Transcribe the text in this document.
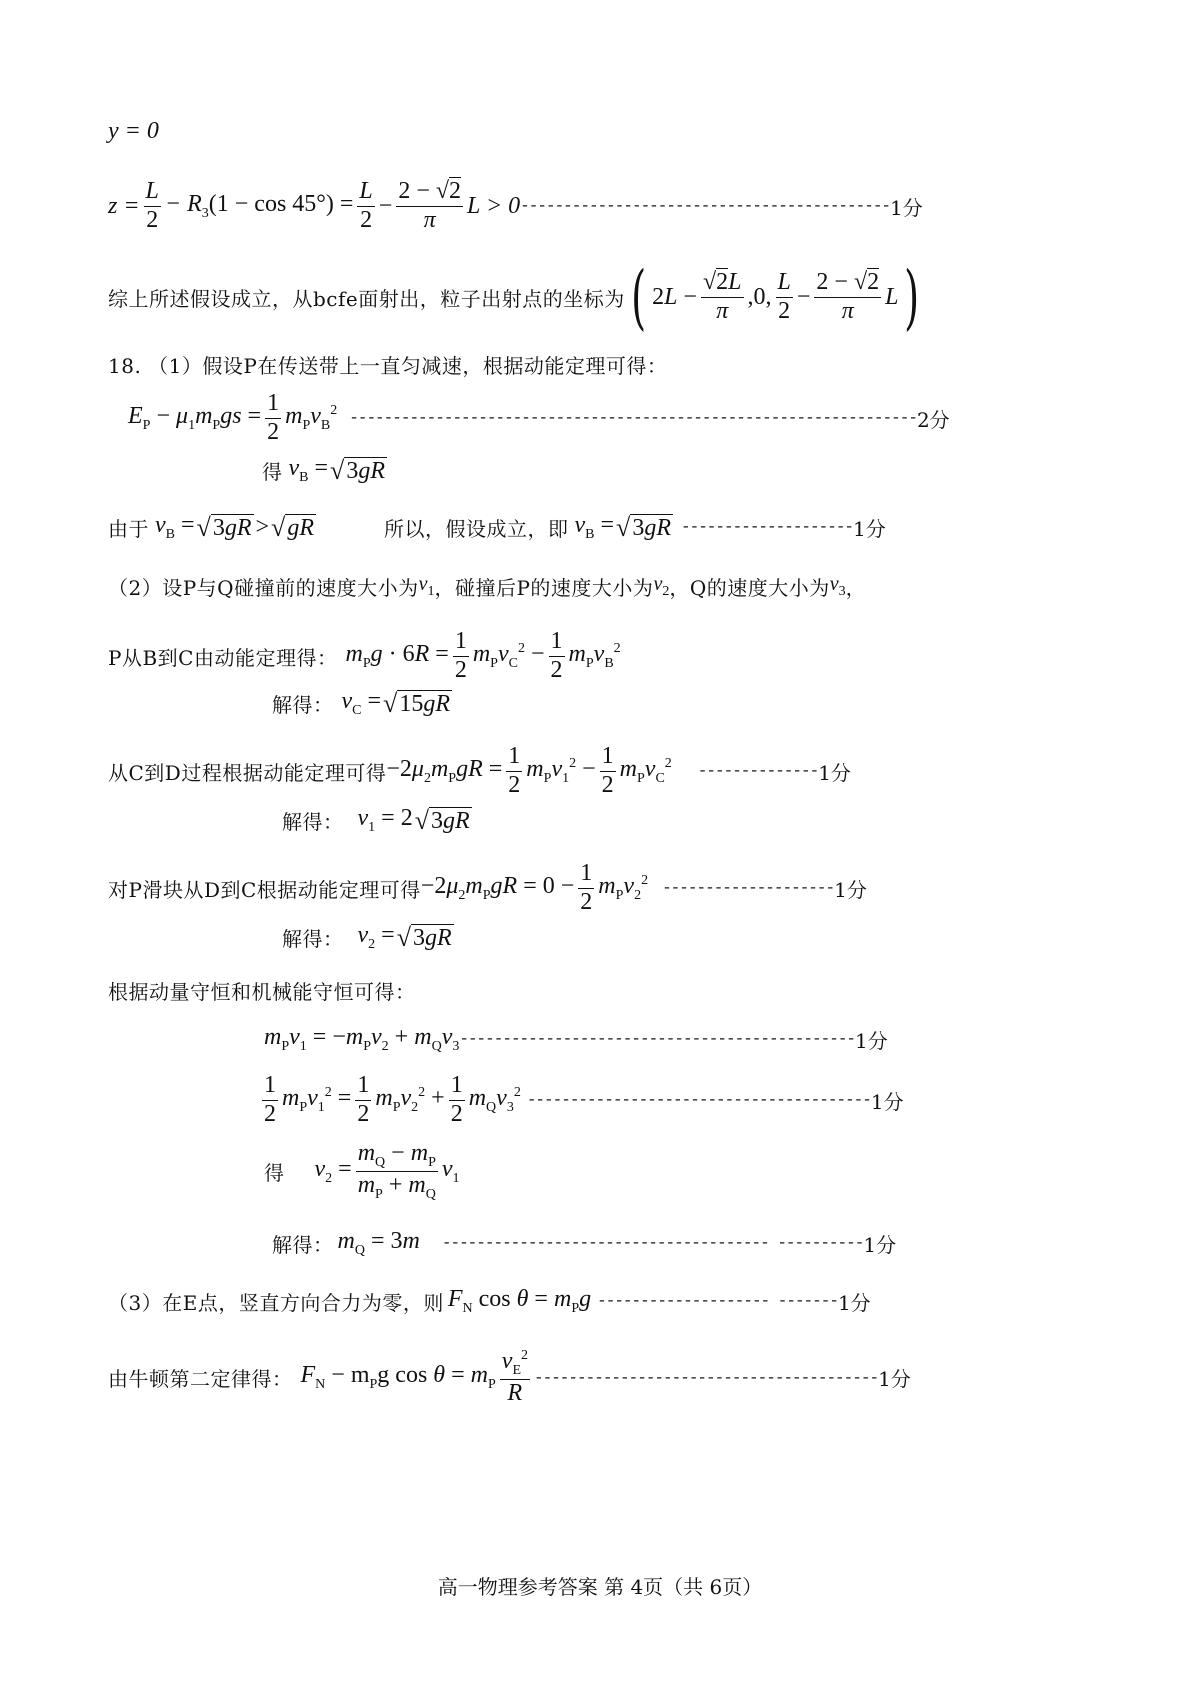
y = 0
$z = \frac{L}{2} - R_3(1 - \cos 45^\circ) = \frac{L}{2} - \frac{2 - √2}{\pi}$ L > 0 ------------------------------------------- 1分
综上所述假设成立，从bcfe面射出，粒子出射点的坐标为 ( $2L - \frac{√2L}{\pi} ,0$, $\frac{L}{2} - \frac{2 - √2}{\pi}$ L )
18. （1）假设P在传送带上一直匀减速，根据动能定理可得：
$E_P - \mu_1m_Pgs = \frac{1}{2} m_Pv_B^2$ ------------------------------------------------------------------ 2分
得 $v_B$ = √ 3gR
由于 $v_B$ = √ 3gR > √ gR	所以，假设成立，即 $v_B$ = √ 3gR -------------------- 1分
（2）设P与Q碰撞前的速度大小为 $v_1$ ，碰撞后P的速度大小为 $v_2$ ，Q的速度大小为 $v_3$ ，
P从B到C由动能定理得： $m_Pg \cdot 6R = \frac{1}{2} m_Pv_C^2 - \frac{1}{2} m_Pv_B^2$
解得： $v_C$ = √ 15gR
从C到D过程根据动能定理可得 $-2\mu_2m_PgR = \frac{1}{2} m_Pv_1^2 - \frac{1}{2} m_Pv_C^2$ -------------- 1分
解得： $v_1 = 2$ √ 3gR
对P滑块从D到C根据动能定理可得 $-2\mu_2m_PgR = 0 - \frac{1}{2} m_Pv_2^2$ -------------------- 1分
解得： $v_2$ = √ 3gR
根据动量守恒和机械能守恒可得：
$m_Pv_1 = -m_Pv_2 + m_Qv_3$ ---------------------------------------------- 1分
$\frac{1}{2} m_Pv_1^2 = \frac{1}{2} m_Pv_2^2 + \frac{1}{2} m_Qv_3^2$ ---------------------------------------- 1分
得 $v_2 = \frac{m_Q - m_P}{m_P + m_Q} v_1$
解得： $m_Q = 3m$ -------------------------------------- ---------- 1分
（3）在E点，竖直方向合力为零，则 $F_N$ $\cos \theta = m_Pg$ -------------------- ------- 1分
由牛顿第二定律得： $F_N - m_Pg$ $\cos \theta = m_P \frac{v_E^2}{R}$ ---------------------------------------- 1分
高一物理参考答案 第 4页（共 6页）
